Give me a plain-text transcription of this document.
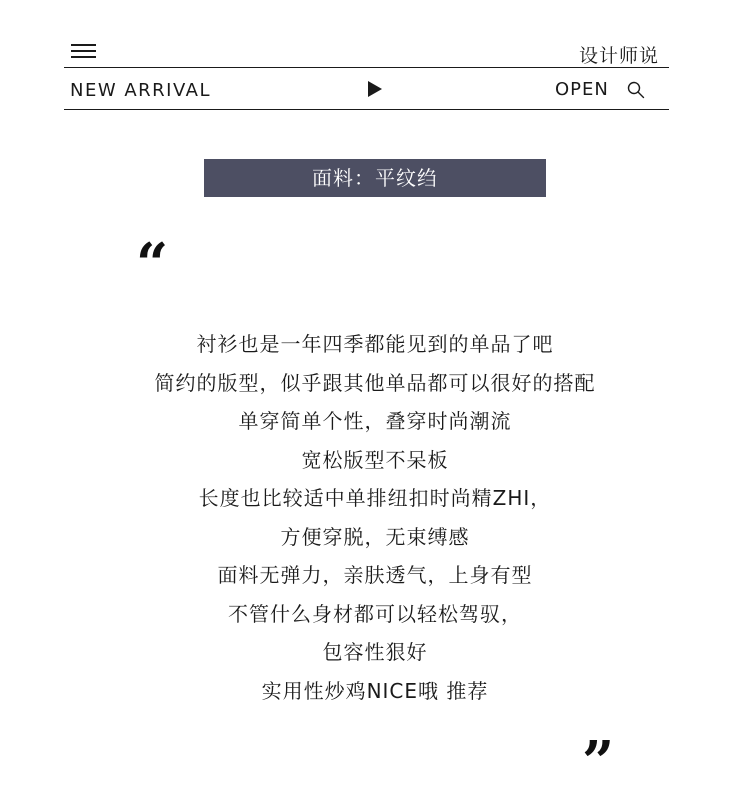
设计师说
NEW ARRIVAL	OPEN
面料：平纹绉
“
衬衫也是一年四季都能见到的单品了吧
简约的版型，似乎跟其他单品都可以很好的搭配
单穿简单个性，叠穿时尚潮流
宽松版型不呆板
长度也比较适中单排纽扣时尚精ZHI，
方便穿脱，无束缚感
面料无弹力，亲肤透气，上身有型
不管什么身材都可以轻松驾驭，
包容性狠好
实用性炒鸡NICE哦 推荐
”
